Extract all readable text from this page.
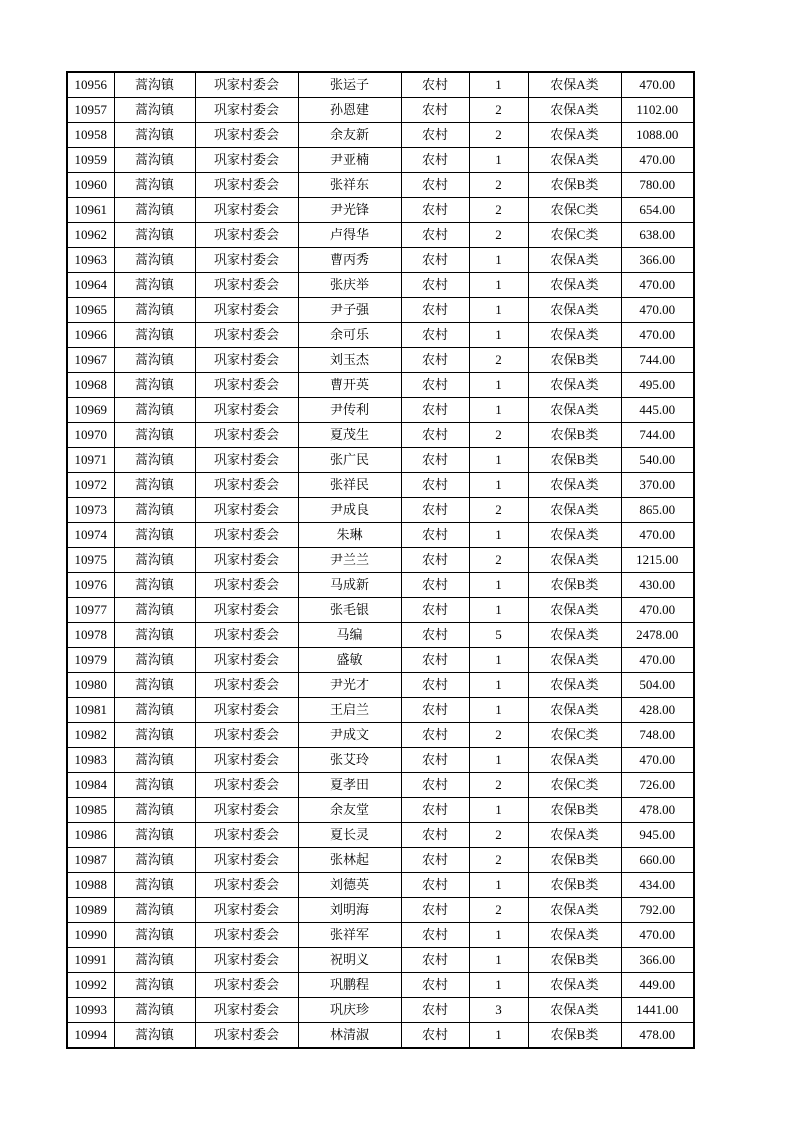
10956	蒿沟镇	巩家村委会	张运子	农村	1	农保A类	470.00
10957	蒿沟镇	巩家村委会	孙恩建	农村	2	农保A类	1102.00
10958	蒿沟镇	巩家村委会	余友新	农村	2	农保A类	1088.00
10959	蒿沟镇	巩家村委会	尹亚楠	农村	1	农保A类	470.00
10960	蒿沟镇	巩家村委会	张祥东	农村	2	农保B类	780.00
10961	蒿沟镇	巩家村委会	尹光锋	农村	2	农保C类	654.00
10962	蒿沟镇	巩家村委会	卢得华	农村	2	农保C类	638.00
10963	蒿沟镇	巩家村委会	曹丙秀	农村	1	农保A类	366.00
10964	蒿沟镇	巩家村委会	张庆举	农村	1	农保A类	470.00
10965	蒿沟镇	巩家村委会	尹子强	农村	1	农保A类	470.00
10966	蒿沟镇	巩家村委会	余可乐	农村	1	农保A类	470.00
10967	蒿沟镇	巩家村委会	刘玉杰	农村	2	农保B类	744.00
10968	蒿沟镇	巩家村委会	曹开英	农村	1	农保A类	495.00
10969	蒿沟镇	巩家村委会	尹传利	农村	1	农保A类	445.00
10970	蒿沟镇	巩家村委会	夏茂生	农村	2	农保B类	744.00
10971	蒿沟镇	巩家村委会	张广民	农村	1	农保B类	540.00
10972	蒿沟镇	巩家村委会	张祥民	农村	1	农保A类	370.00
10973	蒿沟镇	巩家村委会	尹成良	农村	2	农保A类	865.00
10974	蒿沟镇	巩家村委会	朱琳	农村	1	农保A类	470.00
10975	蒿沟镇	巩家村委会	尹兰兰	农村	2	农保A类	1215.00
10976	蒿沟镇	巩家村委会	马成新	农村	1	农保B类	430.00
10977	蒿沟镇	巩家村委会	张毛银	农村	1	农保A类	470.00
10978	蒿沟镇	巩家村委会	马编	农村	5	农保A类	2478.00
10979	蒿沟镇	巩家村委会	盛敏	农村	1	农保A类	470.00
10980	蒿沟镇	巩家村委会	尹光才	农村	1	农保A类	504.00
10981	蒿沟镇	巩家村委会	王启兰	农村	1	农保A类	428.00
10982	蒿沟镇	巩家村委会	尹成文	农村	2	农保C类	748.00
10983	蒿沟镇	巩家村委会	张艾玲	农村	1	农保A类	470.00
10984	蒿沟镇	巩家村委会	夏孝田	农村	2	农保C类	726.00
10985	蒿沟镇	巩家村委会	余友堂	农村	1	农保B类	478.00
10986	蒿沟镇	巩家村委会	夏长灵	农村	2	农保A类	945.00
10987	蒿沟镇	巩家村委会	张林起	农村	2	农保B类	660.00
10988	蒿沟镇	巩家村委会	刘德英	农村	1	农保B类	434.00
10989	蒿沟镇	巩家村委会	刘明海	农村	2	农保A类	792.00
10990	蒿沟镇	巩家村委会	张祥军	农村	1	农保A类	470.00
10991	蒿沟镇	巩家村委会	祝明义	农村	1	农保B类	366.00
10992	蒿沟镇	巩家村委会	巩鹏程	农村	1	农保A类	449.00
10993	蒿沟镇	巩家村委会	巩庆珍	农村	3	农保A类	1441.00
10994	蒿沟镇	巩家村委会	林清淑	农村	1	农保B类	478.00
